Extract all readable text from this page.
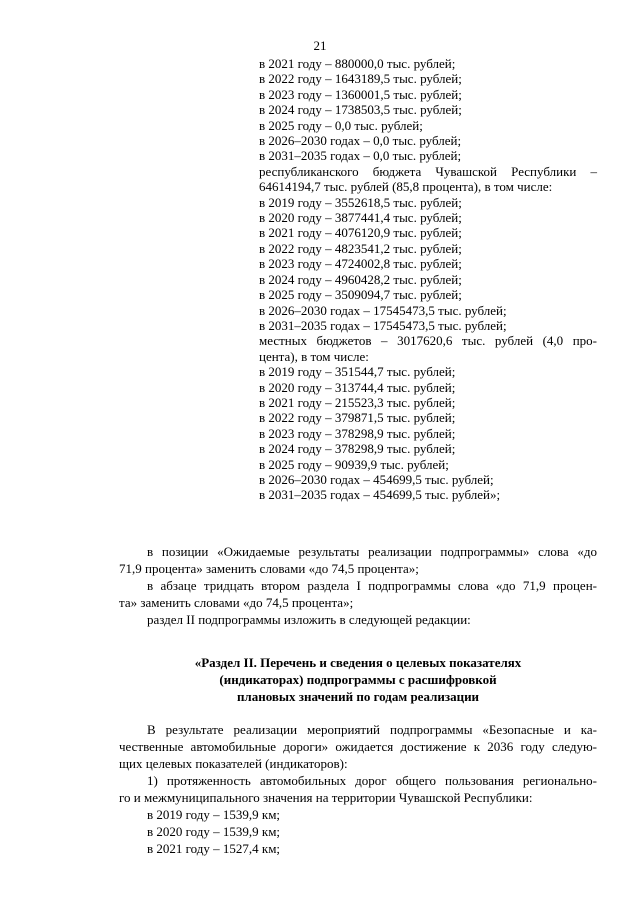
21
в 2021 году – 880000,0 тыс. рублей;
в 2022 году – 1643189,5 тыс. рублей;
в 2023 году – 1360001,5 тыс. рублей;
в 2024 году – 1738503,5 тыс. рублей;
в 2025 году – 0,0 тыс. рублей;
в 2026–2030 годах – 0,0 тыс. рублей;
в 2031–2035 годах – 0,0 тыс. рублей;
республиканского бюджета Чувашской Республики –
64614194,7 тыс. рублей (85,8 процента), в том числе:
в 2019 году – 3552618,5 тыс. рублей;
в 2020 году – 3877441,4 тыс. рублей;
в 2021 году – 4076120,9 тыс. рублей;
в 2022 году – 4823541,2 тыс. рублей;
в 2023 году – 4724002,8 тыс. рублей;
в 2024 году – 4960428,2 тыс. рублей;
в 2025 году – 3509094,7 тыс. рублей;
в 2026–2030 годах – 17545473,5 тыс. рублей;
в 2031–2035 годах – 17545473,5 тыс. рублей;
местных бюджетов – 3017620,6 тыс. рублей (4,0 про-
цента), в том числе:
в 2019 году – 351544,7 тыс. рублей;
в 2020 году – 313744,4 тыс. рублей;
в 2021 году – 215523,3 тыс. рублей;
в 2022 году – 379871,5 тыс. рублей;
в 2023 году – 378298,9 тыс. рублей;
в 2024 году – 378298,9 тыс. рублей;
в 2025 году – 90939,9 тыс. рублей;
в 2026–2030 годах – 454699,5 тыс. рублей;
в 2031–2035 годах – 454699,5 тыс. рублей»;
в позиции «Ожидаемые результаты реализации подпрограммы» слова «до
71,9 процента» заменить словами «до 74,5 процента»;
в абзаце тридцать втором раздела I подпрограммы слова «до 71,9 процен-
та» заменить словами «до 74,5 процента»;
раздел II подпрограммы изложить в следующей редакции:
«Раздел II. Перечень и сведения о целевых показателях
(индикаторах) подпрограммы с расшифровкой
плановых значений по годам реализации
В результате реализации мероприятий подпрограммы «Безопасные и ка-
чественные автомобильные дороги» ожидается достижение к 2036 году следую-
щих целевых показателей (индикаторов):
1) протяженность автомобильных дорог общего пользования регионально-
го и межмуниципального значения на территории Чувашской Республики:
в 2019 году – 1539,9 км;
в 2020 году – 1539,9 км;
в 2021 году – 1527,4 км;
